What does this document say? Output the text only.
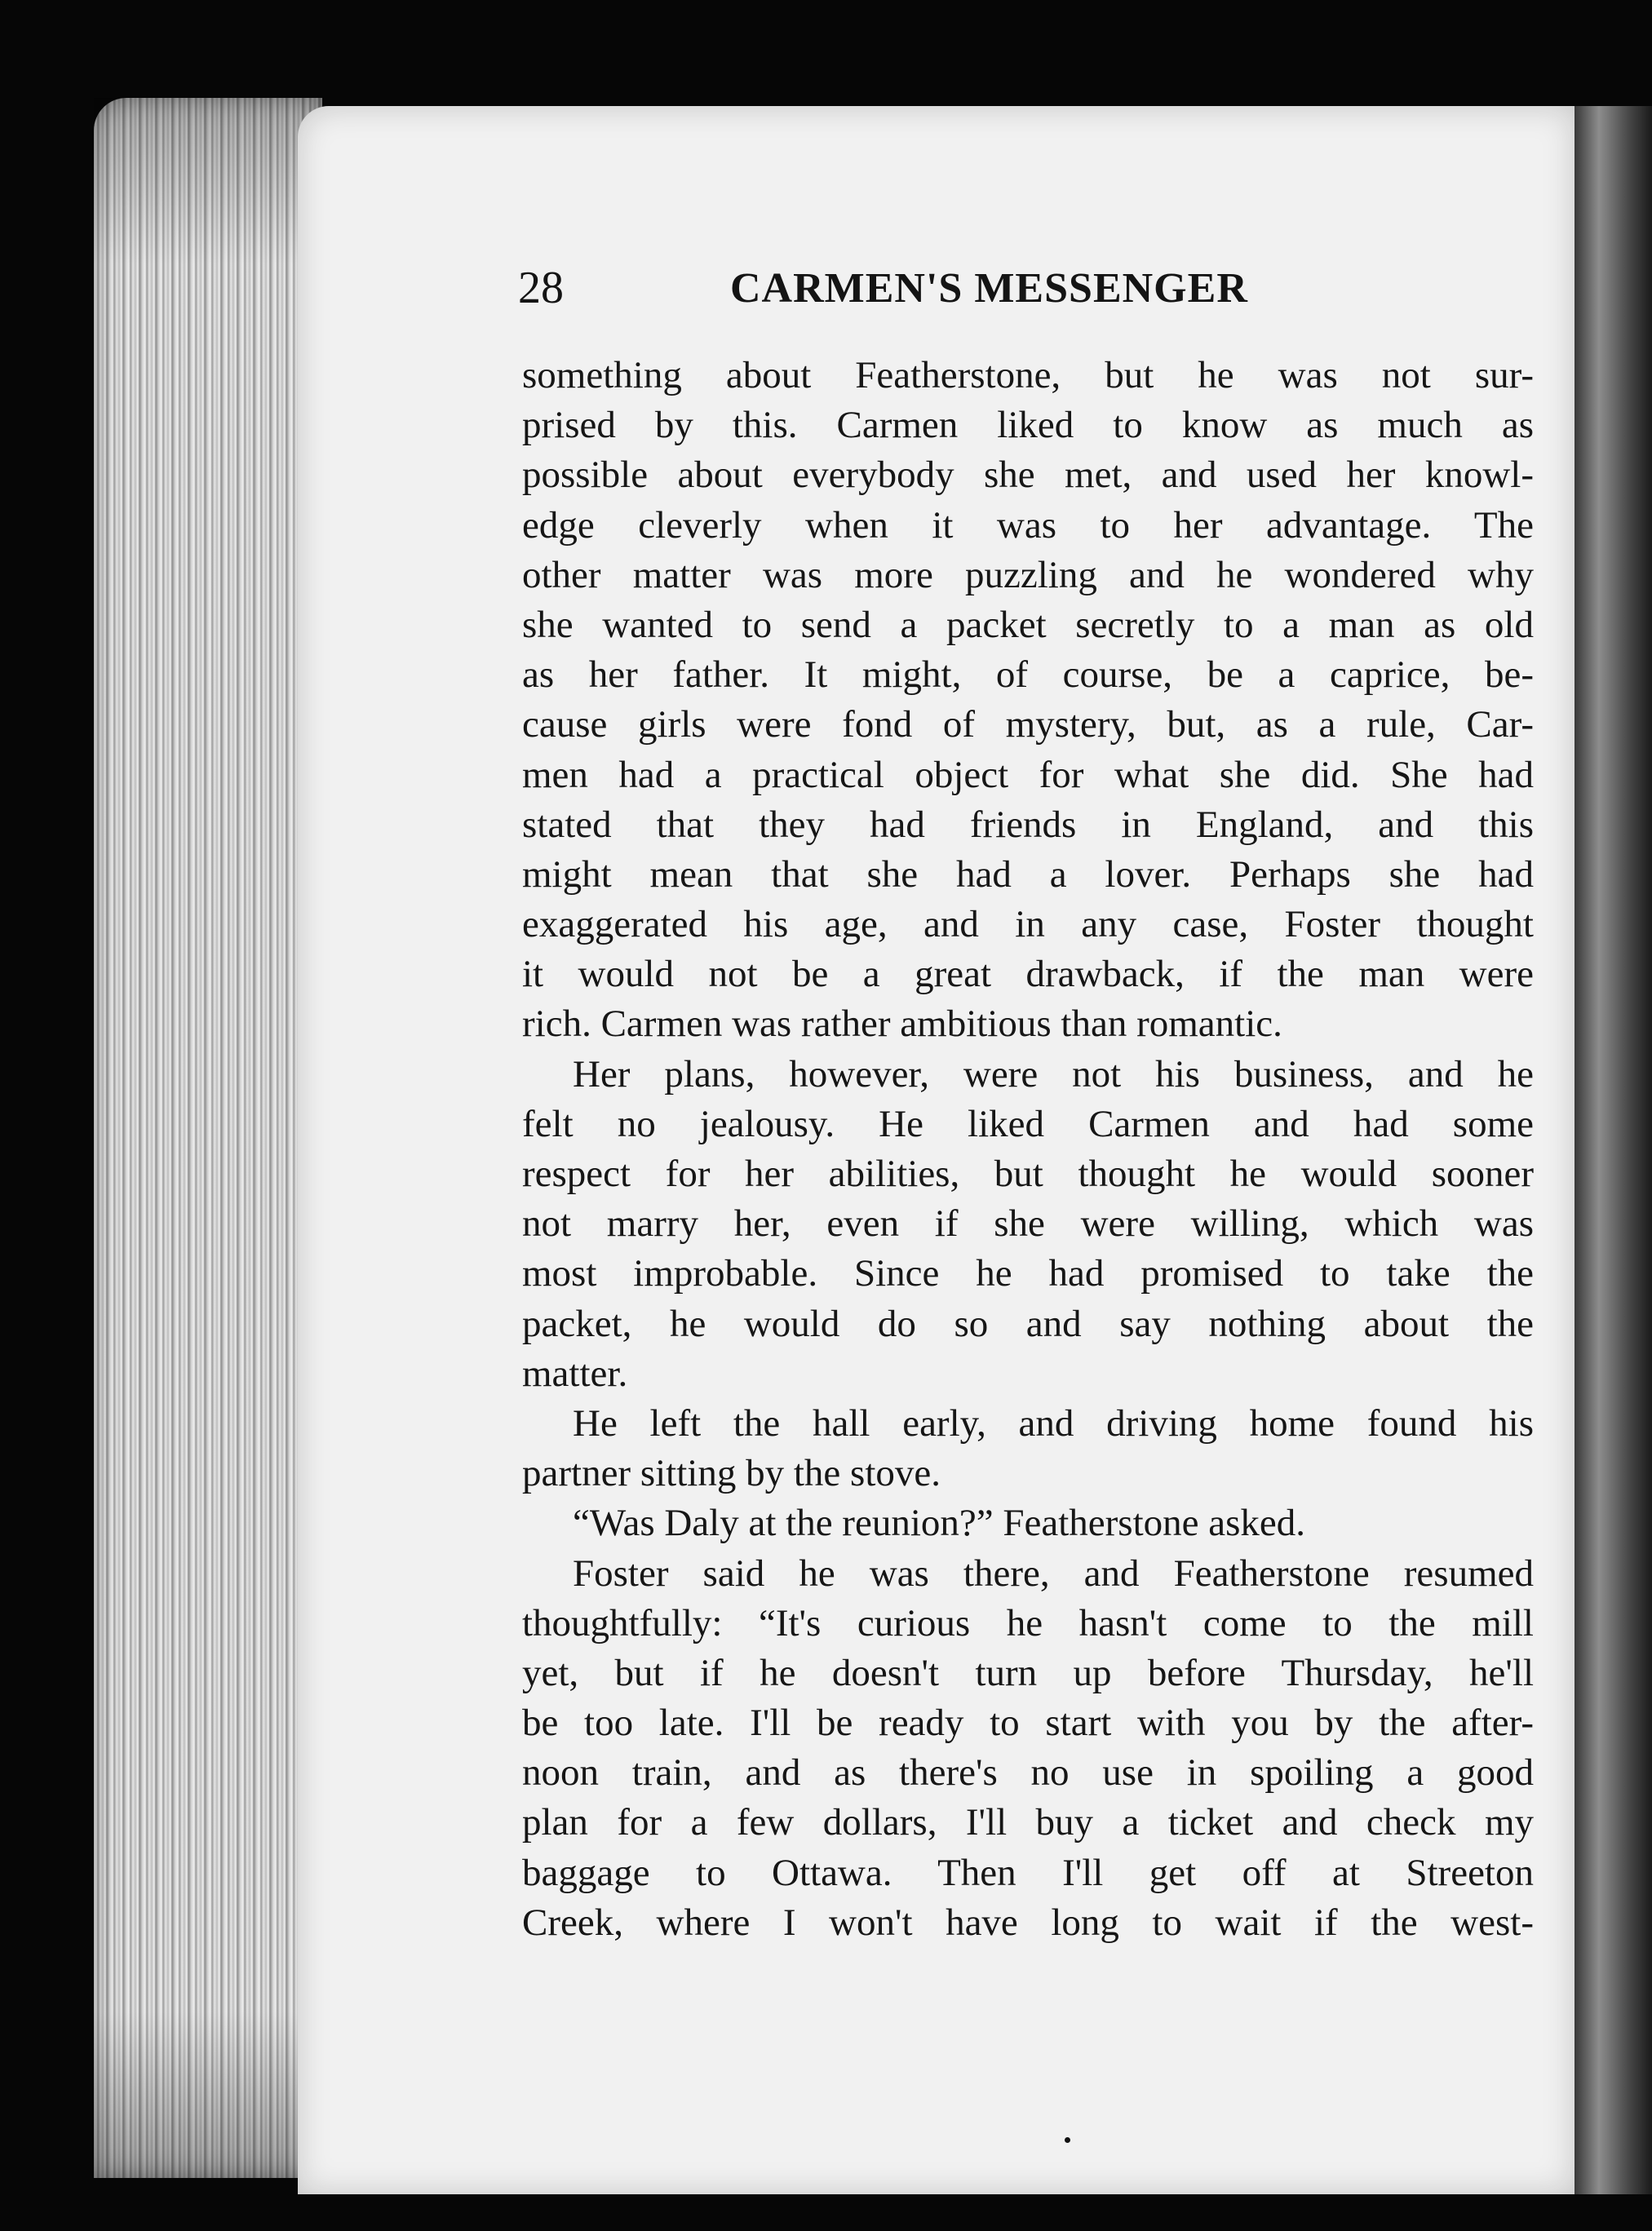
28	CARMEN'S MESSENGER
something about Featherstone, but he was not sur-
prised by this. Carmen liked to know as much as
possible about everybody she met, and used her knowl-
edge cleverly when it was to her advantage. The
other matter was more puzzling and he wondered why
she wanted to send a packet secretly to a man as old
as her father. It might, of course, be a caprice, be-
cause girls were fond of mystery, but, as a rule, Car-
men had a practical object for what she did. She had
stated that they had friends in England, and this
might mean that she had a lover. Perhaps she had
exaggerated his age, and in any case, Foster thought
it would not be a great drawback, if the man were
rich. Carmen was rather ambitious than romantic.
Her plans, however, were not his business, and he
felt no jealousy. He liked Carmen and had some
respect for her abilities, but thought he would sooner
not marry her, even if she were willing, which was
most improbable. Since he had promised to take the
packet, he would do so and say nothing about the
matter.
He left the hall early, and driving home found his
partner sitting by the stove.
“Was Daly at the reunion?” Featherstone asked.
Foster said he was there, and Featherstone resumed
thoughtfully: “It's curious he hasn't come to the mill
yet, but if he doesn't turn up before Thursday, he'll
be too late. I'll be ready to start with you by the after-
noon train, and as there's no use in spoiling a good
plan for a few dollars, I'll buy a ticket and check my
baggage to Ottawa. Then I'll get off at Streeton
Creek, where I won't have long to wait if the west-
